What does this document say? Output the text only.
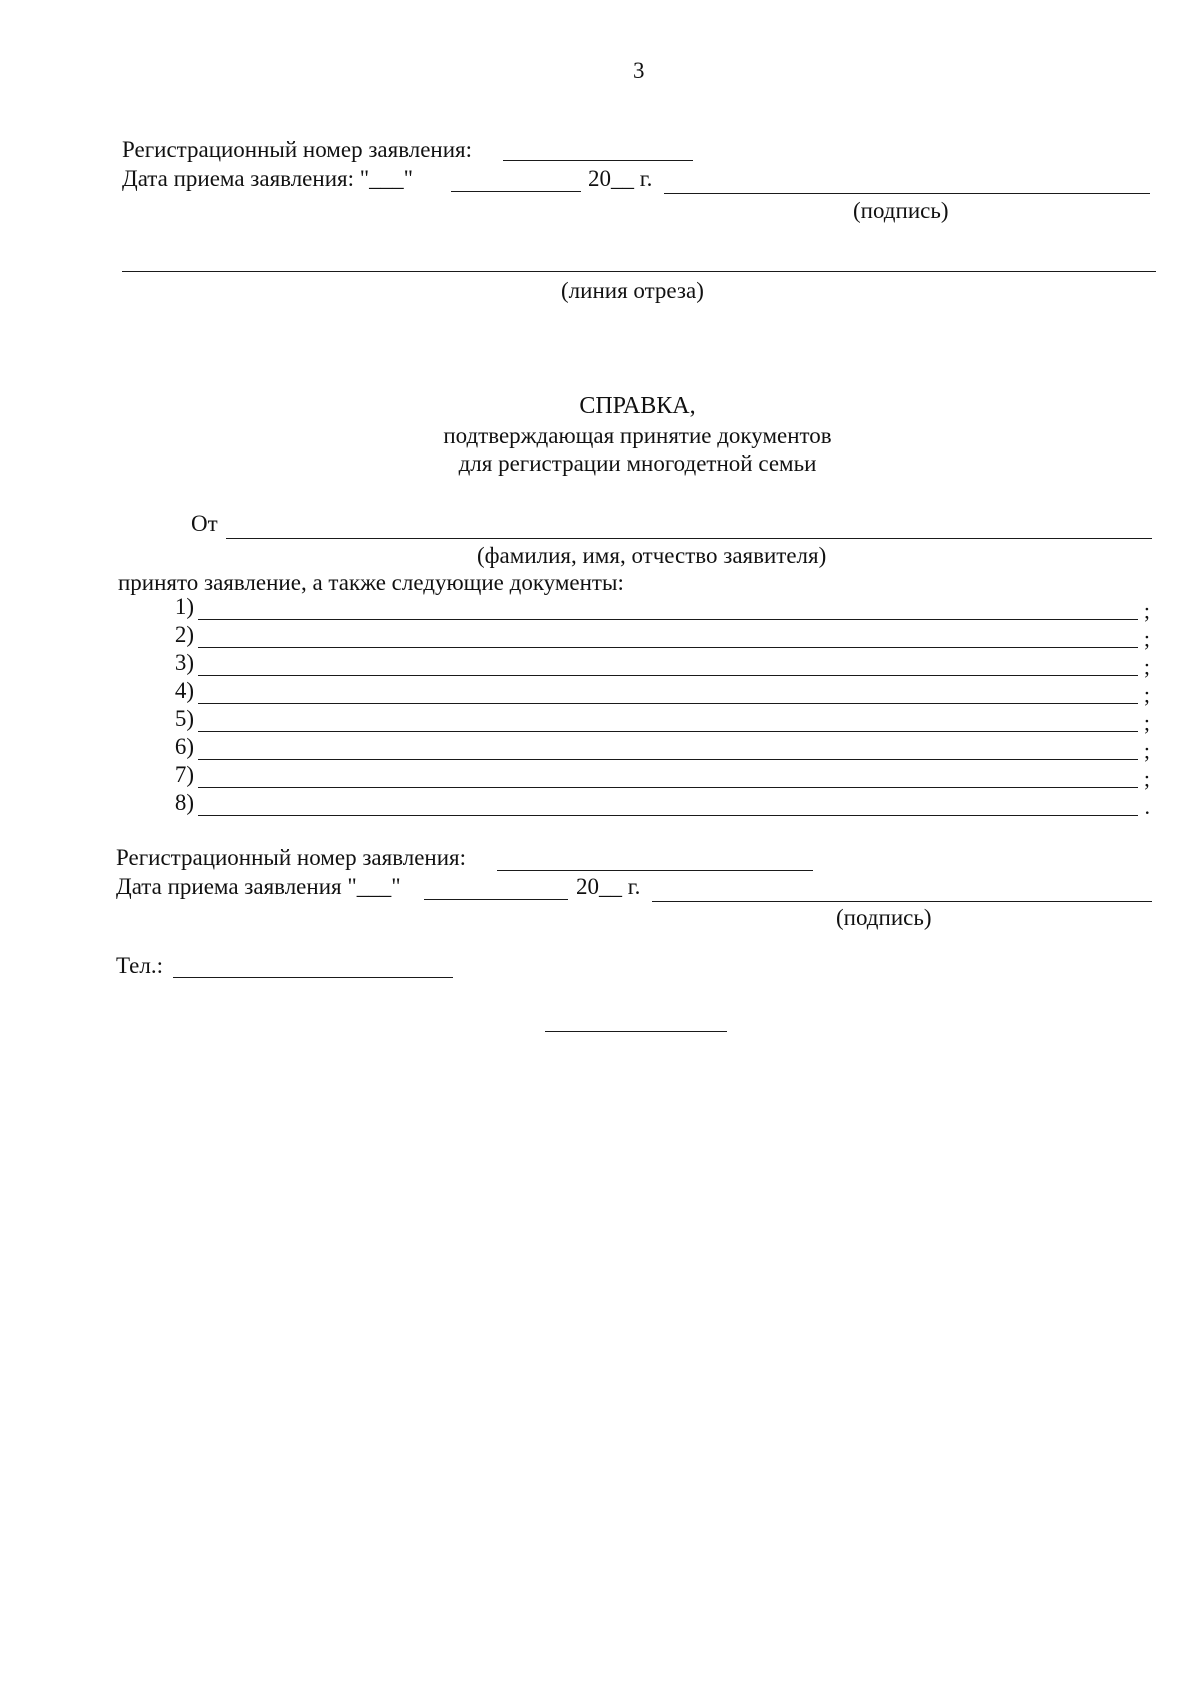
3
Регистрационный номер заявления:
Дата приема заявления: "___"	20__ г.
(подпись)
(линия отреза)
СПРАВКА,
подтверждающая принятие документов
для регистрации многодетной семьи
От
(фамилия, имя, отчество заявителя)
принято заявление, а также следующие документы:
1)	;
2)	;
3)	;
4)	;
5)	;
6)	;
7)	;
8)	.
Регистрационный номер заявления:
Дата приема заявления "___"	20__ г.
(подпись)
Тел.:
